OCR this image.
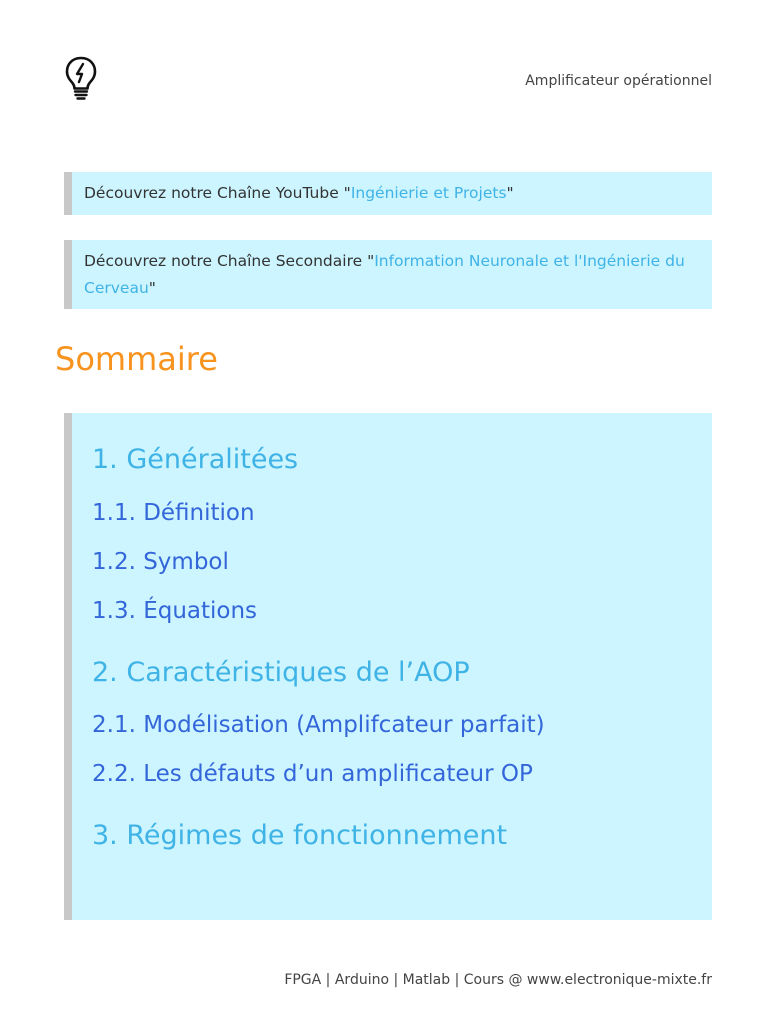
Amplificateur opérationnel
Découvrez notre Chaîne YouTube "Ingénierie et Projets"
Découvrez notre Chaîne Secondaire "Information Neuronale et l'Ingénierie du Cerveau"
Sommaire
1. Généralitées
1.1. Définition
1.2. Symbol
1.3. Équations
2. Caractéristiques de l’AOP
2.1. Modélisation (Amplifcateur parfait)
2.2. Les défauts d’un amplificateur OP
3. Régimes de fonctionnement
FPGA | Arduino | Matlab | Cours @ www.electronique-mixte.fr
